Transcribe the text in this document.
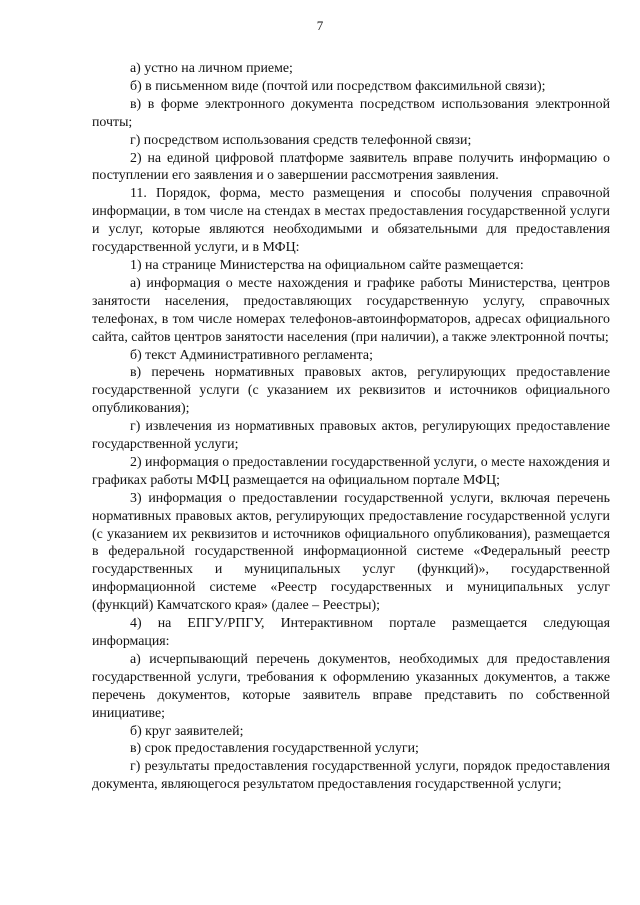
7

а) устно на личном приеме;

б) в письменном виде (почтой или посредством факсимильной связи);

в) в форме электронного документа посредством использования электронной почты;

г) посредством использования средств телефонной связи;

2) на единой цифровой платформе заявитель вправе получить информацию о поступлении его заявления и о завершении рассмотрения заявления.

11. Порядок, форма, место размещения и способы получения справочной информации, в том числе на стендах в местах предоставления государственной услуги и услуг, которые являются необходимыми и обязательными для предоставления государственной услуги, и в МФЦ:

1) на странице Министерства на официальном сайте размещается:

а) информация о месте нахождения и графике работы Министерства, центров занятости населения, предоставляющих государственную услугу, справочных телефонах, в том числе номерах телефонов-автоинформаторов, адресах официального сайта, сайтов центров занятости населения (при наличии), а также электронной почты;

б) текст Административного регламента;

в) перечень нормативных правовых актов, регулирующих предоставление государственной услуги (с указанием их реквизитов и источников официального опубликования);

г) извлечения из нормативных правовых актов, регулирующих предоставление государственной услуги;

2) информация о предоставлении государственной услуги, о месте нахождения и графиках работы МФЦ размещается на официальном портале МФЦ;

3) информация о предоставлении государственной услуги, включая перечень нормативных правовых актов, регулирующих предоставление государственной услуги (с указанием их реквизитов и источников официального опубликования), размещается в федеральной государственной информационной системе «Федеральный реестр государственных и муниципальных услуг (функций)», государственной информационной системе «Реестр государственных и муниципальных услуг (функций) Камчатского края» (далее – Реестры);

4) на ЕПГУ/РПГУ, Интерактивном портале размещается следующая информация:

а) исчерпывающий перечень документов, необходимых для предоставления государственной услуги, требования к оформлению указанных документов, а также перечень документов, которые заявитель вправе представить по собственной инициативе;

б) круг заявителей;

в) срок предоставления государственной услуги;

г) результаты предоставления государственной услуги, порядок предоставления документа, являющегося результатом предоставления государственной услуги;
